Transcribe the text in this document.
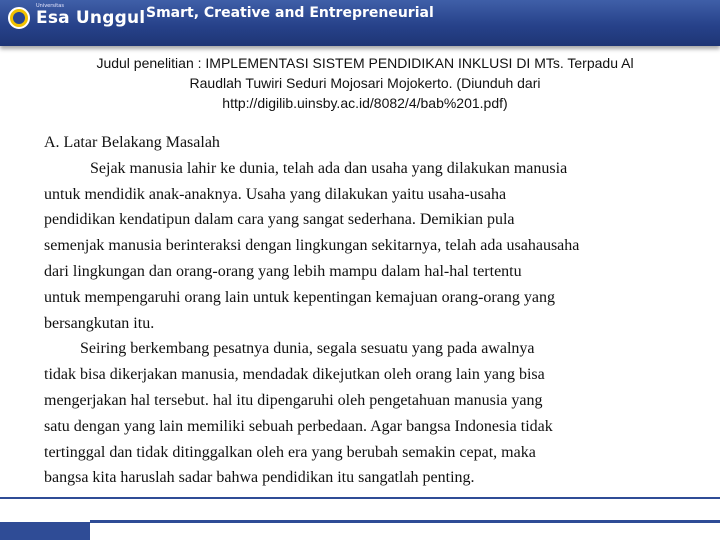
Esa Unggul
Universitas	Smart, Creative and Entrepreneurial
Judul penelitian : IMPLEMENTASI SISTEM PENDIDIKAN INKLUSI DI MTs. Terpadu Al
Raudlah Tuwiri Seduri Mojosari Mojokerto. (Diunduh dari
http://digilib.uinsby.ac.id/8082/4/bab%201.pdf)
A. Latar Belakang Masalah
Sejak manusia lahir ke dunia, telah ada dan usaha yang dilakukan manusia
untuk mendidik anak-anaknya. Usaha yang dilakukan yaitu usaha-usaha
pendidikan kendatipun dalam cara yang sangat sederhana. Demikian pula
semenjak manusia berinteraksi dengan lingkungan sekitarnya, telah ada usahausaha
dari lingkungan dan orang-orang yang lebih mampu dalam hal-hal tertentu
untuk mempengaruhi orang lain untuk kepentingan kemajuan orang-orang yang
bersangkutan itu.
Seiring berkembang pesatnya dunia, segala sesuatu yang pada awalnya
tidak bisa dikerjakan manusia, mendadak dikejutkan oleh orang lain yang bisa
mengerjakan hal tersebut. hal itu dipengaruhi oleh pengetahuan manusia yang
satu dengan yang lain memiliki sebuah perbedaan. Agar bangsa Indonesia tidak
tertinggal dan tidak ditinggalkan oleh era yang berubah semakin cepat, maka
bangsa kita haruslah sadar bahwa pendidikan itu sangatlah penting.
